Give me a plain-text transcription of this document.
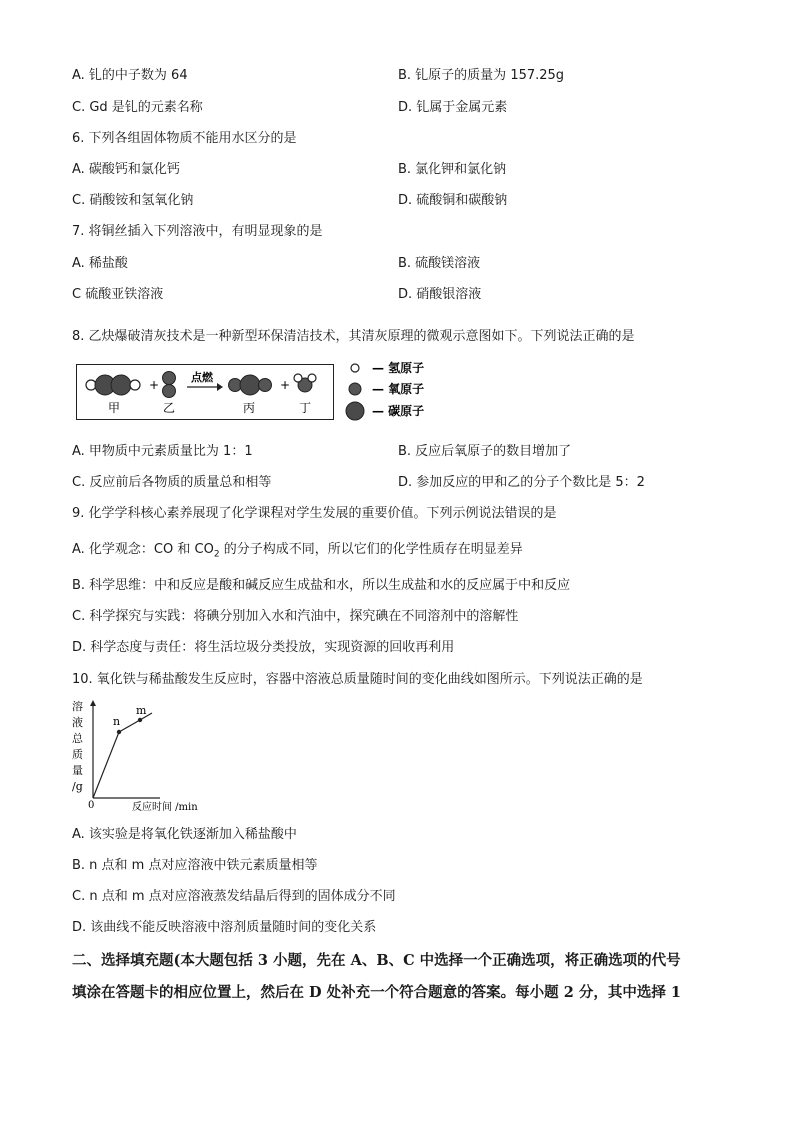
A. 钆的中子数为 64	B. 钆原子的质量为 157.25g
C. Gd 是钆的元素名称	D. 钆属于金属元素
6. 下列各组固体物质不能用水区分的是
A. 碳酸钙和氯化钙	B. 氯化钾和氯化钠
C. 硝酸铵和氢氧化钠	D. 硫酸铜和碳酸钠
7. 将铜丝插入下列溶液中，有明显现象的是
A. 稀盐酸	B. 硫酸镁溶液
C 硫酸亚铁溶液	D. 硝酸银溶液
8. 乙炔爆破清灰技术是一种新型环保清洁技术，其清灰原理的微观示意图如下。下列说法正确的是
+
甲	乙
点燃
+
丙	丁
— 氢原子
— 氧原子
— 碳原子
A. 甲物质中元素质量比为 1：1	B. 反应后氧原子的数目增加了
C. 反应前后各物质的质量总和相等	D. 参加反应的甲和乙的分子个数比是 5：2
9. 化学学科核心素养展现了化学课程对学生发展的重要价值。下列示例说法错误的是
A. 化学观念：CO 和 $CO_2$ 的分子构成不同，所以它们的化学性质存在明显差异
B. 科学思维：中和反应是酸和碱反应生成盐和水，所以生成盐和水的反应属于中和反应
C. 科学探究与实践：将碘分别加入水和汽油中，探究碘在不同溶剂中的溶解性
D. 科学态度与责任：将生活垃圾分类投放，实现资源的回收再利用
10. 氧化铁与稀盐酸发生反应时，容器中溶液总质量随时间的变化曲线如图所示。下列说法正确的是
溶
液
总
质
量
/g
n
m
0	反应时间 /min
A. 该实验是将氧化铁逐渐加入稀盐酸中
B. n 点和 m 点对应溶液中铁元素质量相等
C. n 点和 m 点对应溶液蒸发结晶后得到的固体成分不同
D. 该曲线不能反映溶液中溶剂质量随时间的变化关系
二、选择填充题(本大题包括 3 小题，先在 A、B、C 中选择一个正确选项，将正确选项的代号
填涂在答题卡的相应位置上，然后在 D 处补充一个符合题意的答案。每小题 2 分，其中选择 1
